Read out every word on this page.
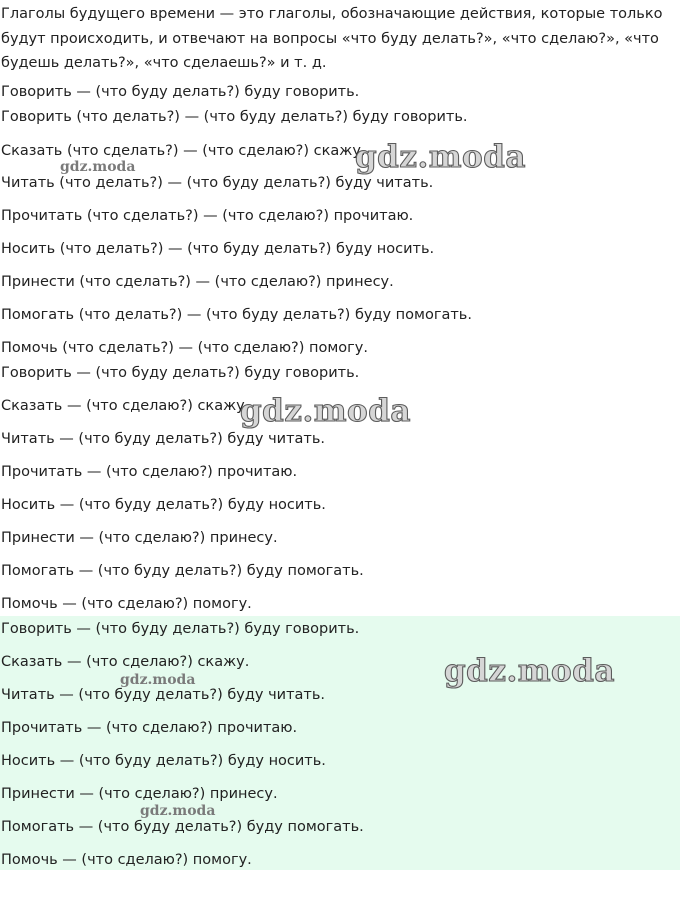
Глаголы будущего времени — это глаголы, обозначающие действия, которые только будут происходить, и отвечают на вопросы «что буду делать?», «что сделаю?», «что будешь делать?», «что сделаешь?» и т. д.

Говорить — (что буду делать?) буду говорить.

Говорить (что делать?) — (что буду делать?) буду говорить.

Сказать (что сделать?) — (что сделаю?) скажу.

Читать (что делать?) — (что буду делать?) буду читать.

Прочитать (что сделать?) — (что сделаю?) прочитаю.

Носить (что делать?) — (что буду делать?) буду носить.

Принести (что сделать?) — (что сделаю?) принесу.

Помогать (что делать?) — (что буду делать?) буду помогать.

Помочь (что сделать?) — (что сделаю?) помогу.

Говорить — (что буду делать?) буду говорить.

Сказать — (что сделаю?) скажу.

Читать — (что буду делать?) буду читать.

Прочитать — (что сделаю?) прочитаю.

Носить — (что буду делать?) буду носить.

Принести — (что сделаю?) принесу.

Помогать — (что буду делать?) буду помогать.

Помочь — (что сделаю?) помогу.

Говорить — (что буду делать?) буду говорить.

Сказать — (что сделаю?) скажу.

Читать — (что буду делать?) буду читать.

Прочитать — (что сделаю?) прочитаю.

Носить — (что буду делать?) буду носить.

Принести — (что сделаю?) принесу.

Помогать — (что буду делать?) буду помогать.

Помочь — (что сделаю?) помогу.

gdz.moda
gdz.moda
gdz.moda
gdz.moda
gdz.moda
gdz.moda
